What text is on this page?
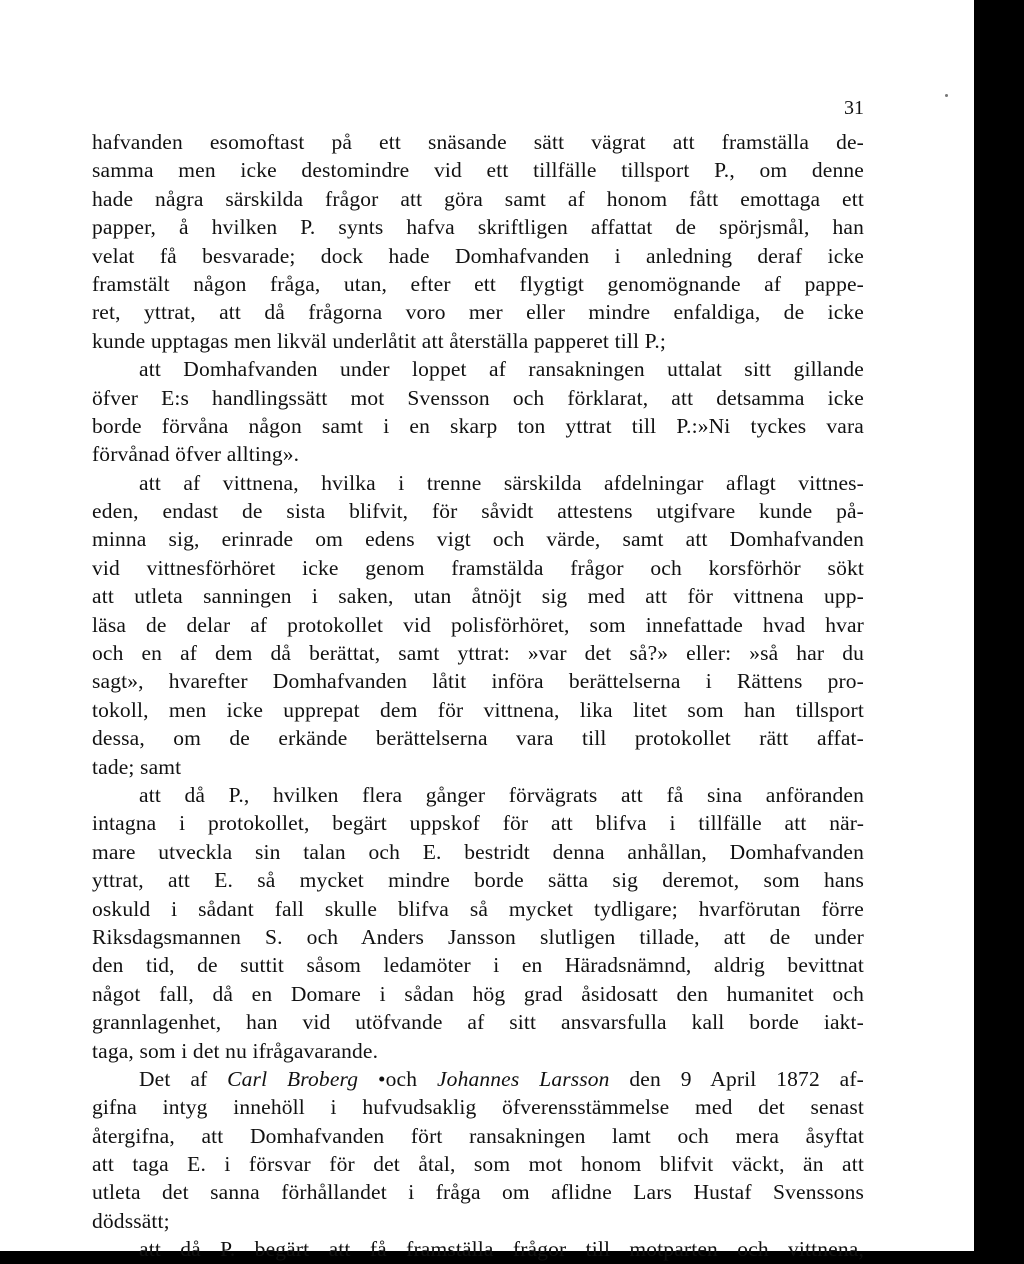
31
hafvanden esomoftast på ett snäsande sätt vägrat att framställa de-
samma men icke destomindre vid ett tillfälle tillsport P., om denne
hade några särskilda frågor att göra samt af honom fått emottaga ett
papper, å hvilken P. synts hafva skriftligen affattat de spörjsmål, han
velat få besvarade; dock hade Domhafvanden i anledning deraf icke
framstält någon fråga, utan, efter ett flygtigt genomögnande af pappe-
ret, yttrat, att då frågorna voro mer eller mindre enfaldiga, de icke
kunde upptagas men likväl underlåtit att återställa papperet till P.;
att Domhafvanden under loppet af ransakningen uttalat sitt gillande
öfver E:s handlingssätt mot Svensson och förklarat, att detsamma icke
borde förvåna någon samt i en skarp ton yttrat till P.:»Ni tyckes vara
förvånad öfver allting».
att af vittnena, hvilka i trenne särskilda afdelningar aflagt vittnes-
eden, endast de sista blifvit, för såvidt attestens utgifvare kunde på-
minna sig, erinrade om edens vigt och värde, samt att Domhafvanden
vid vittnesförhöret icke genom framstälda frågor och korsförhör sökt
att utleta sanningen i saken, utan åtnöjt sig med att för vittnena upp-
läsa de delar af protokollet vid polisförhöret, som innefattade hvad hvar
och en af dem då berättat, samt yttrat: »var det så?» eller: »så har du
sagt», hvarefter Domhafvanden låtit införa berättelserna i Rättens pro-
tokoll, men icke upprepat dem för vittnena, lika litet som han tillsport
dessa, om de erkände berättelserna vara till protokollet rätt affat-
tade; samt
att då P., hvilken flera gånger förvägrats att få sina anföranden
intagna i protokollet, begärt uppskof för att blifva i tillfälle att när-
mare utveckla sin talan och E. bestridt denna anhållan, Domhafvanden
yttrat, att E. så mycket mindre borde sätta sig deremot, som hans
oskuld i sådant fall skulle blifva så mycket tydligare; hvarförutan förre
Riksdagsmannen S. och Anders Jansson slutligen tillade, att de under
den tid, de suttit såsom ledamöter i en Häradsnämnd, aldrig bevittnat
något fall, då en Domare i sådan hög grad åsidosatt den humanitet och
grannlagenhet, han vid utöfvande af sitt ansvarsfulla kall borde iakt-
taga, som i det nu ifrågavarande.
Det af Carl Broberg •och Johannes Larsson den 9 April 1872 af-
gifna intyg innehöll i hufvudsaklig öfverensstämmelse med det senast
återgifna, att Domhafvanden fört ransakningen lamt och mera åsyftat
att taga E. i försvar för det åtal, som mot honom blifvit väckt, än att
utleta det sanna förhållandet i fråga om aflidne Lars Hustaf Svenssons
dödssätt;
att då P. begärt att få framställa frågor till motparten och vittnena,
